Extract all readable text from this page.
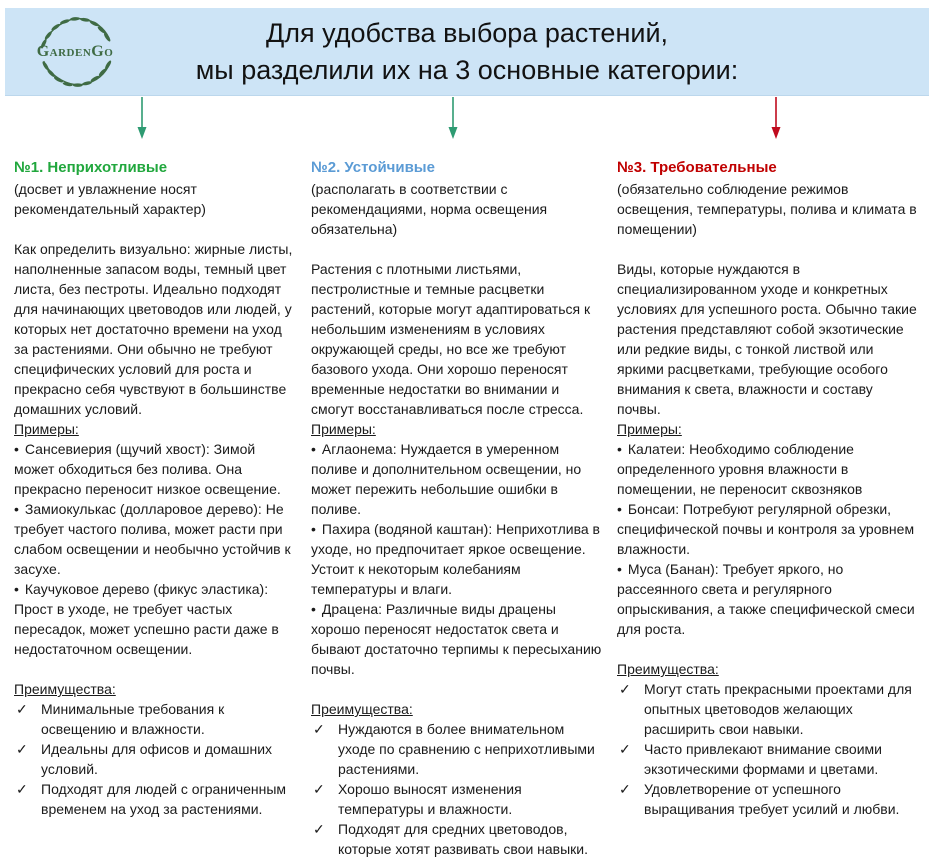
GardenGo
Для удобства выбора растений,
мы разделили их на 3 основные категории:
№1. Неприхотливые

(досвет и увлажнение носят рекомендательный характер)

Как определить визуально: жирные листы, наполненные запасом воды, темный цвет листа, без пестроты. Идеально подходят для начинающих цветоводов или людей, у которых нет достаточно времени на уход за растениями. Они обычно не требуют специфических условий для роста и прекрасно себя чувствуют в большинстве домашних условий.

Примеры:

• Сансевиерия (щучий хвост): Зимой может обходиться без полива. Она прекрасно переносит низкое освещение.

• Замиокулькас (долларовое дерево): Не требует частого полива, может расти при слабом освещении и необычно устойчив к засухе.

• Каучуковое дерево (фикус эластика): Прост в уходе, не требует частых пересадок, может успешно расти даже в недостаточном освещении.

Преимущества:

✓ Минимальные требования к освещению и влажности.
✓ Идеальны для офисов и домашних условий.
✓ Подходят для людей с ограниченным временем на уход за растениями.
№2. Устойчивые

(располагать в соответствии с рекомендациями, норма освещения обязательна)

Растения с плотными листьями, пестролистные и темные расцветки растений, которые могут адаптироваться к небольшим изменениям в условиях окружающей среды, но все же требуют базового ухода. Они хорошо переносят временные недостатки во внимании и смогут восстанавливаться после стресса.

Примеры:

• Аглаонема: Нуждается в умеренном поливе и дополнительном освещении, но может пережить небольшие ошибки в поливе.

• Пахира (водяной каштан): Неприхотлива в уходе, но предпочитает яркое освещение. Устоит к некоторым колебаниям температуры и влаги.

• Драцена: Различные виды драцены хорошо переносят недостаток света и бывают достаточно терпимы к пересыханию почвы.

Преимущества:

✓ Нуждаются в более внимательном уходе по сравнению с неприхотливыми растениями.
✓ Хорошо выносят изменения температуры и влажности.
✓ Подходят для средних цветоводов, которые хотят развивать свои навыки.
№3. Требовательные

(обязательно соблюдение режимов освещения, температуры, полива и климата в помещении)

Виды, которые нуждаются в специализированном уходе и конкретных условиях для успешного роста. Обычно такие растения представляют собой экзотические или редкие виды, с тонкой листвой или яркими расцветками, требующие особого внимания к света, влажности и составу почвы.

Примеры:

• Калатеи: Необходимо соблюдение определенного уровня влажности в помещении, не переносит сквозняков

• Бонсаи: Потребуют регулярной обрезки, специфической почвы и контроля за уровнем влажности.

• Муса (Банан): Требует яркого, но рассеянного света и регулярного опрыскивания, а также специфической смеси для роста.

Преимущества:

✓ Могут стать прекрасными проектами для опытных цветоводов желающих расширить свои навыки.
✓ Часто привлекают внимание своими экзотическими формами и цветами.
✓ Удовлетворение от успешного выращивания требует усилий и любви.
